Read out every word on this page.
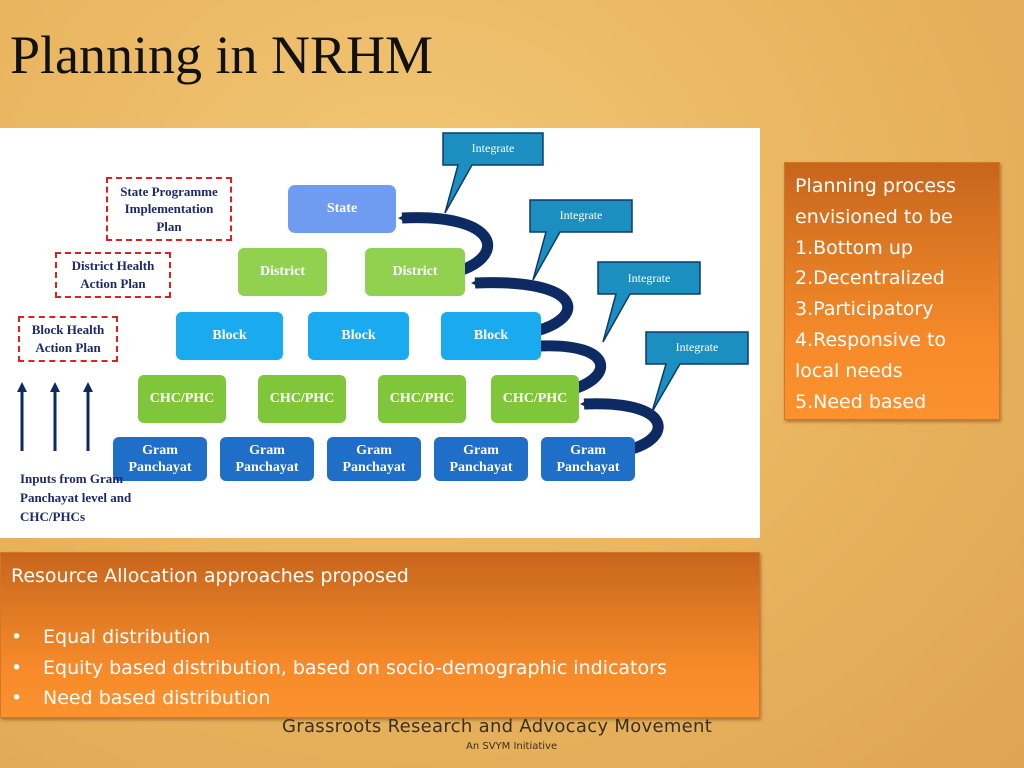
Planning in NRHM
Integrate
Integrate
Integrate
Integrate
State Programme
Implementation
Plan
District Health
Action Plan
Block Health
Action Plan
State
District	District
Block	Block	Block
CHC/PHC	CHC/PHC	CHC/PHC	CHC/PHC
Gram
Panchayat
Gram
Panchayat
Gram
Panchayat
Gram
Panchayat
Gram
Panchayat
Inputs from Gram Panchayat level and CHC/PHCs
Planning process envisioned to be
1.Bottom up
2.Decentralized
3.Participatory
4.Responsive to local needs
5.Need based
Resource Allocation approaches proposed
• Equal distribution
• Equity based distribution, based on socio-demographic indicators
• Need based distribution
Grassroots Research and Advocacy Movement
An SVYM Initiative
